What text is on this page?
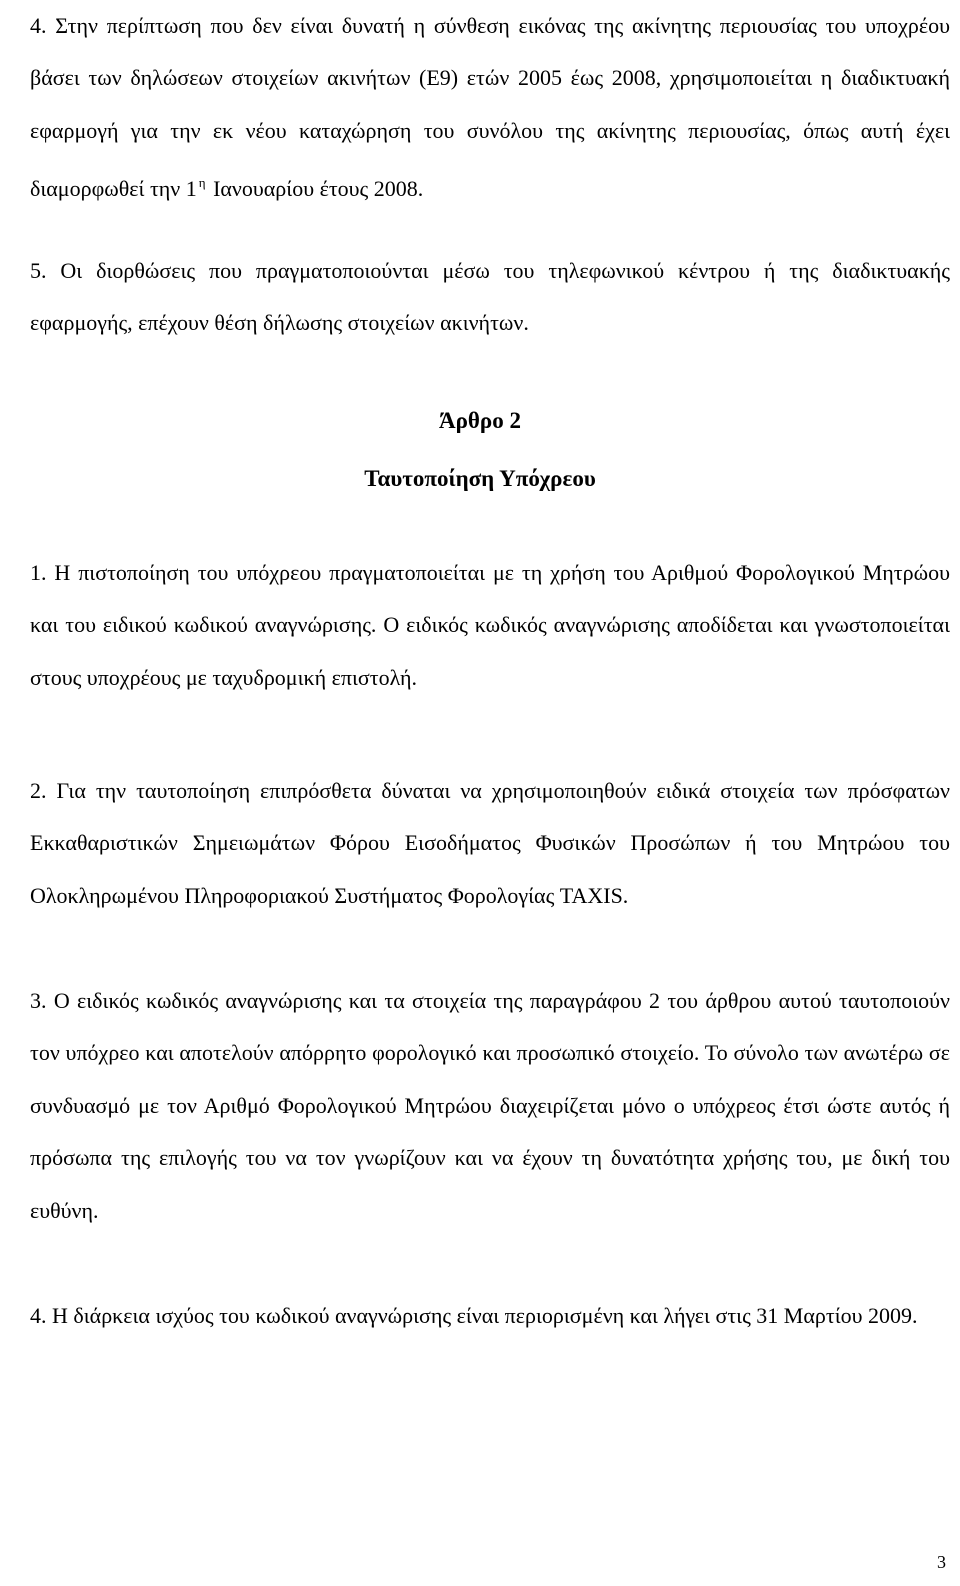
4. Στην περίπτωση που δεν είναι δυνατή η σύνθεση εικόνας της ακίνητης περιουσίας του υποχρέου βάσει των δηλώσεων στοιχείων ακινήτων (Ε9) ετών 2005 έως 2008, χρησιμοποιείται η διαδικτυακή εφαρμογή για την εκ νέου καταχώρηση του συνόλου της ακίνητης περιουσίας, όπως αυτή έχει διαμορφωθεί την 1 $^\eta$ Ιανουαρίου έτους 2008.

5. Οι διορθώσεις που πραγματοποιούνται μέσω του τηλεφωνικού κέντρου ή της διαδικτυακής εφαρμογής, επέχουν θέση δήλωσης στοιχείων ακινήτων.

Άρθρο 2
Ταυτοποίηση Υπόχρεου

1. Η πιστοποίηση του υπόχρεου πραγματοποιείται με τη χρήση του Αριθμού Φορολογικού Μητρώου και του ειδικού κωδικού αναγνώρισης. Ο ειδικός κωδικός αναγνώρισης αποδίδεται και γνωστοποιείται στους υποχρέους με ταχυδρομική επιστολή.

2. Για την ταυτοποίηση επιπρόσθετα δύναται να χρησιμοποιηθούν ειδικά στοιχεία των πρόσφατων Εκκαθαριστικών Σημειωμάτων Φόρου Εισοδήματος Φυσικών Προσώπων ή του Μητρώου του Ολοκληρωμένου Πληροφοριακού Συστήματος Φορολογίας TAXIS.

3. Ο ειδικός κωδικός αναγνώρισης και τα στοιχεία της παραγράφου 2 του άρθρου αυτού ταυτοποιούν τον υπόχρεο και αποτελούν απόρρητο φορολογικό και προσωπικό στοιχείο. Το σύνολο των ανωτέρω σε συνδυασμό με τον Αριθμό Φορολογικού Μητρώου διαχειρίζεται μόνο ο υπόχρεος έτσι ώστε αυτός ή πρόσωπα της επιλογής του να τον γνωρίζουν και να έχουν τη δυνατότητα χρήσης του, με δική του ευθύνη.

4. Η διάρκεια ισχύος του κωδικού αναγνώρισης είναι περιορισμένη και λήγει στις 31 Μαρτίου 2009.

3
